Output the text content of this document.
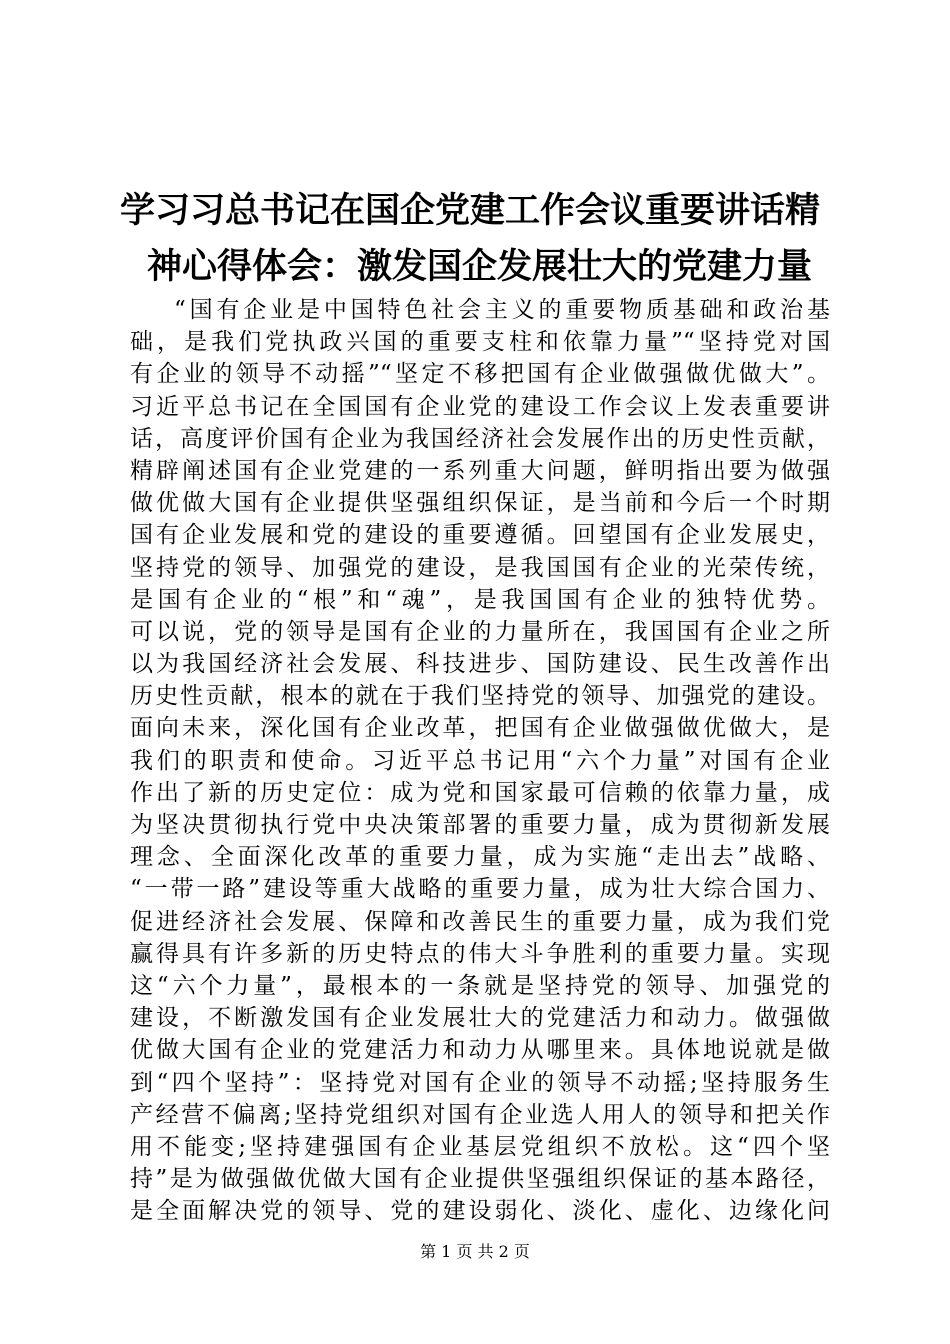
学习习总书记在国企党建工作会议重要讲话精
神心得体会：激发国企发展壮大的党建力量
“国有企业是中国特色社会主义的重要物质基础和政治基
础，是我们党执政兴国的重要支柱和依靠力量”“坚持党对国
有企业的领导不动摇”“坚定不移把国有企业做强做优做大”。
习近平总书记在全国国有企业党的建设工作会议上发表重要讲
话，高度评价国有企业为我国经济社会发展作出的历史性贡献，
精辟阐述国有企业党建的一系列重大问题，鲜明指出要为做强
做优做大国有企业提供坚强组织保证，是当前和今后一个时期
国有企业发展和党的建设的重要遵循。回望国有企业发展史，
坚持党的领导、加强党的建设，是我国国有企业的光荣传统，
是国有企业的“根”和“魂”，是我国国有企业的独特优势。
可以说，党的领导是国有企业的力量所在，我国国有企业之所
以为我国经济社会发展、科技进步、国防建设、民生改善作出
历史性贡献，根本的就在于我们坚持党的领导、加强党的建设。
面向未来，深化国有企业改革，把国有企业做强做优做大，是
我们的职责和使命。习近平总书记用“六个力量”对国有企业
作出了新的历史定位：成为党和国家最可信赖的依靠力量，成
为坚决贯彻执行党中央决策部署的重要力量，成为贯彻新发展
理念、全面深化改革的重要力量，成为实施“走出去”战略、
“一带一路”建设等重大战略的重要力量，成为壮大综合国力、
促进经济社会发展、保障和改善民生的重要力量，成为我们党
赢得具有许多新的历史特点的伟大斗争胜利的重要力量。实现
这“六个力量”，最根本的一条就是坚持党的领导、加强党的
建设，不断激发国有企业发展壮大的党建活力和动力。做强做
优做大国有企业的党建活力和动力从哪里来。具体地说就是做
到“四个坚持”：坚持党对国有企业的领导不动摇;坚持服务生
产经营不偏离;坚持党组织对国有企业选人用人的领导和把关作
用不能变;坚持建强国有企业基层党组织不放松。这“四个坚
持”是为做强做优做大国有企业提供坚强组织保证的基本路径，
是全面解决党的领导、党的建设弱化、淡化、虚化、边缘化问
第 1 页 共 2 页
